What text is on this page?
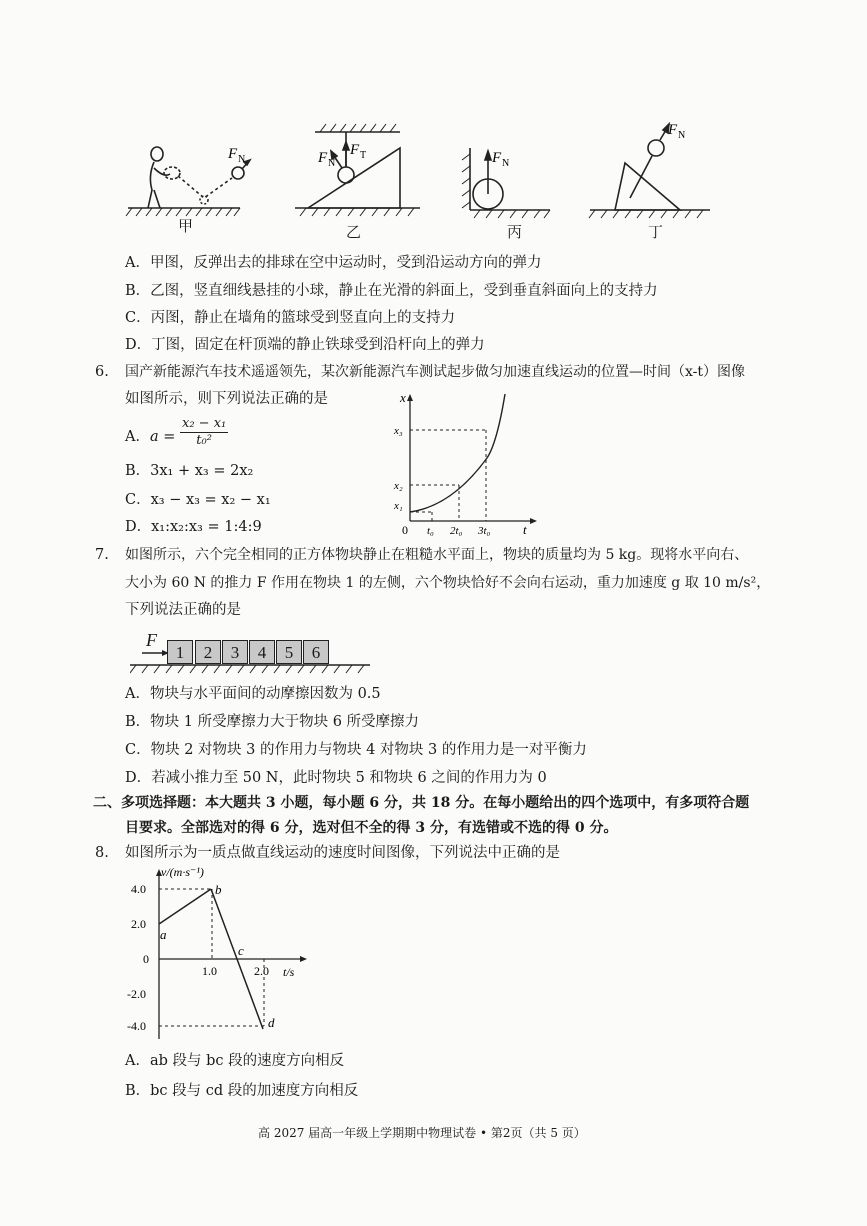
F N	F N
F T	F N
F N
甲	乙	丙	丁
A．甲图，反弹出去的排球在空中运动时，受到沿运动方向的弹力
B．乙图，竖直细线悬挂的小球，静止在光滑的斜面上，受到垂直斜面向上的支持力
C．丙图，静止在墙角的篮球受到竖直向上的支持力
D．丁图，固定在杆顶端的静止铁球受到沿杆向上的弹力
6. 国产新能源汽车技术遥遥领先，某次新能源汽车测试起步做匀加速直线运动的位置—时间（x-t）图像
如图所示，则下列说法正确的是
A． $a = \frac{\text{x₂ − x₁}}{\text{t₀²}}$
B．3x₁ + x₃ = 2x₂
C．x₃ − x₃ = x₂ − x₁
D．x₁:x₂:x₃ = 1:4:9
x
t
0
x₁
x₂
x₃
t₀ 2t₀ 3t₀
7. 如图所示，六个完全相同的正方体物块静止在粗糙水平面上，物块的质量均为 5 kg。现将水平向右、
大小为 60 N 的推力 F 作用在物块 1 的左侧，六个物块恰好不会向右运动，重力加速度 g 取 10 m/s²，
下列说法正确的是
F
1	2	3	4	5	6
A．物块与水平面间的动摩擦因数为 0.5
B．物块 1 所受摩擦力大于物块 6 所受摩擦力
C．物块 2 对物块 3 的作用力与物块 4 对物块 3 的作用力是一对平衡力
D．若减小推力至 50 N，此时物块 5 和物块 6 之间的作用力为 0
二、多项选择题：本大题共 3 小题，每小题 6 分，共 18 分。在每小题给出的四个选项中，有多项符合题
目要求。全部选对的得 6 分，选对但不全的得 3 分，有选错或不选的得 0 分。
8. 如图所示为一质点做直线运动的速度时间图像，下列说法中正确的是
v/(m·s⁻¹)
t/s
4.0
2.0
0
-2.0
-4.0
1.0	2.0
a
b
c
d
A．ab 段与 bc 段的速度方向相反
B．bc 段与 cd 段的加速度方向相反
高 2027 届高一年级上学期期中物理试卷 • 第2页（共 5 页）
